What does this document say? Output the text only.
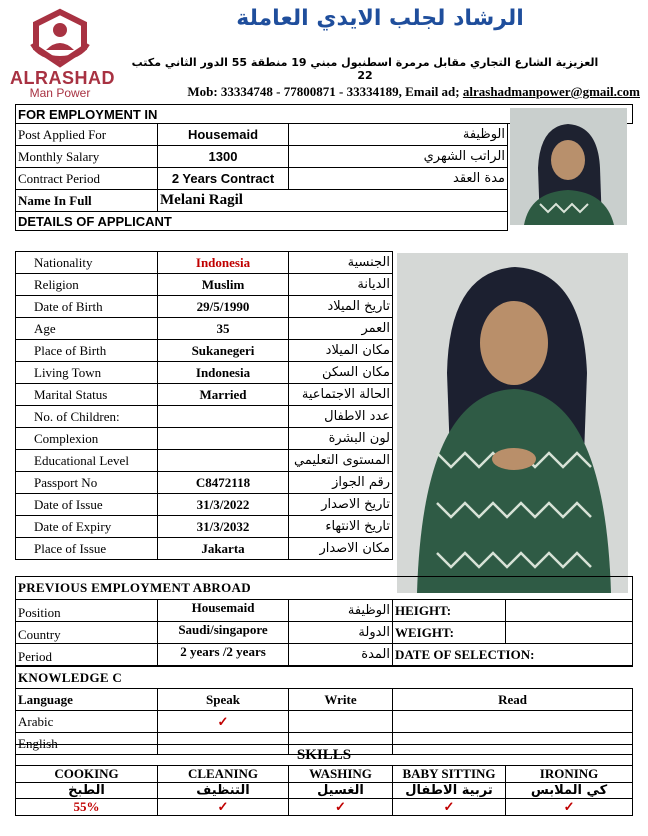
ALRASHAD
Man Power
الرشاد لجلب الايدي العاملة
العزيزية الشارع التجاري مقابل مرمرة اسطنبول مبني 19 منطقة 55 الدور الثاني مكتب 22
Mob: 33334748 - 77800871 - 33334189, Email ad; alrashadmanpower@gmail.com
FOR EMPLOYMENT IN			
Post Applied For	Housemaid	الوظيفة	
Monthly Salary	1300	الراتب الشهري	
Contract Period	2 Years Contract	مدة العقد	
Name In Full	Melani Ragil		
DETAILS OF APPLICANT			
Nationality	Indonesia	الجنسية
Religion	Muslim	الديانة
Date of Birth	29/5/1990	تاريخ الميلاد
Age	35	العمر
Place of Birth	Sukanegeri	مكان الميلاد
Living Town	Indonesia	مكان السكن
Marital Status	Married	الحالة الاجتماعية
No. of Children:		عدد الاطفال
Complexion		لون البشرة
Educational Level		المستوى التعليمي
Passport No	C8472118	رقم الجواز
Date of Issue	31/3/2022	تاريخ الاصدار
Date of Expiry	31/3/2032	تاريخ الانتهاء
Place of Issue	Jakarta	مكان الاصدار
PREVIOUS EMPLOYMENT ABROAD				
Position	Housemaid	الوظيفة	HEIGHT:	
Country	Saudi/singapore	الدولة	WEIGHT:	
Period	2 years /2 years	المدة	DATE OF SELECTION:	
KNOWLEDGE C			
Language	Speak	Write	Read
Arabic	✓		
English			
SKILLS				
COOKING	CLEANING	WASHING	BABY SITTING	IRONING
الطبخ	التنظيف	الغسيل	تربية الاطفال	كي الملابس
55%	✓	✓	✓	✓
